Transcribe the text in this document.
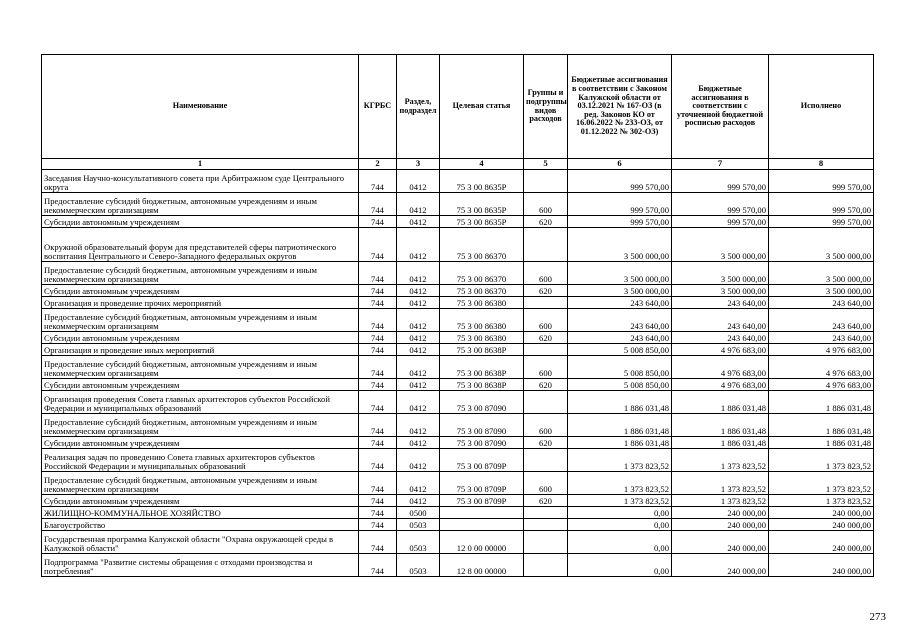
Наименование	КГРБС	Раздел, подраздел	Целевая статья	Группы и подгруппы видов расходов	Бюджетные ассигнования в соответствии с Законом Калужской области от 03.12.2021 № 167-ОЗ (в ред. Законов КО от 16.06.2022 № 233-ОЗ, от 01.12.2022 № 302-ОЗ)	Бюджетные ассигнования в соответствии с уточненной бюджетной росписью расходов	Исполнено
1	2	3	4	5	6	7	8
Заседания Научно-консультативного совета при Арбитражном суде Центрального округа	744	0412	75 3 00 8635Р		999 570,00	999 570,00	999 570,00
Предоставление субсидий бюджетным, автономным учреждениям и иным некоммерческим организациям	744	0412	75 3 00 8635Р	600	999 570,00	999 570,00	999 570,00
Субсидии автономным учреждениям	744	0412	75 3 00 8635Р	620	999 570,00	999 570,00	999 570,00
Окружной образовательный форум для представителей сферы патриотического воспитания Центрального и Северо-Западного федеральных округов	744	0412	75 3 00 86370		3 500 000,00	3 500 000,00	3 500 000,00
Предоставление субсидий бюджетным, автономным учреждениям и иным некоммерческим организациям	744	0412	75 3 00 86370	600	3 500 000,00	3 500 000,00	3 500 000,00
Субсидии автономным учреждениям	744	0412	75 3 00 86370	620	3 500 000,00	3 500 000,00	3 500 000,00
Организация и проведение прочих мероприятий	744	0412	75 3 00 86380		243 640,00	243 640,00	243 640,00
Предоставление субсидий бюджетным, автономным учреждениям и иным некоммерческим организациям	744	0412	75 3 00 86380	600	243 640,00	243 640,00	243 640,00
Субсидии автономным учреждениям	744	0412	75 3 00 86380	620	243 640,00	243 640,00	243 640,00
Организация и проведение иных мероприятий	744	0412	75 3 00 8638Р		5 008 850,00	4 976 683,00	4 976 683,00
Предоставление субсидий бюджетным, автономным учреждениям и иным некоммерческим организациям	744	0412	75 3 00 8638Р	600	5 008 850,00	4 976 683,00	4 976 683,00
Субсидии автономным учреждениям	744	0412	75 3 00 8638Р	620	5 008 850,00	4 976 683,00	4 976 683,00
Организация проведения Совета главных архитекторов субъектов Российской Федерации и муниципальных образований	744	0412	75 3 00 87090		1 886 031,48	1 886 031,48	1 886 031,48
Предоставление субсидий бюджетным, автономным учреждениям и иным некоммерческим организациям	744	0412	75 3 00 87090	600	1 886 031,48	1 886 031,48	1 886 031,48
Субсидии автономным учреждениям	744	0412	75 3 00 87090	620	1 886 031,48	1 886 031,48	1 886 031,48
Реализация задач по проведению Совета главных архитекторов субъектов Российской Федерации и муниципальных образований	744	0412	75 3 00 8709Р		1 373 823,52	1 373 823,52	1 373 823,52
Предоставление субсидий бюджетным, автономным учреждениям и иным некоммерческим организациям	744	0412	75 3 00 8709Р	600	1 373 823,52	1 373 823,52	1 373 823,52
Субсидии автономным учреждениям	744	0412	75 3 00 8709Р	620	1 373 823,52	1 373 823,52	1 373 823,52
ЖИЛИЩНО-КОММУНАЛЬНОЕ ХОЗЯЙСТВО	744	0500			0,00	240 000,00	240 000,00
Благоустройство	744	0503			0,00	240 000,00	240 000,00
Государственная программа Калужской области "Охрана окружающей среды в Калужской области"	744	0503	12 0 00 00000		0,00	240 000,00	240 000,00
Подпрограмма "Развитие системы обращения с отходами производства и потребления"	744	0503	12 8 00 00000		0,00	240 000,00	240 000,00
273
